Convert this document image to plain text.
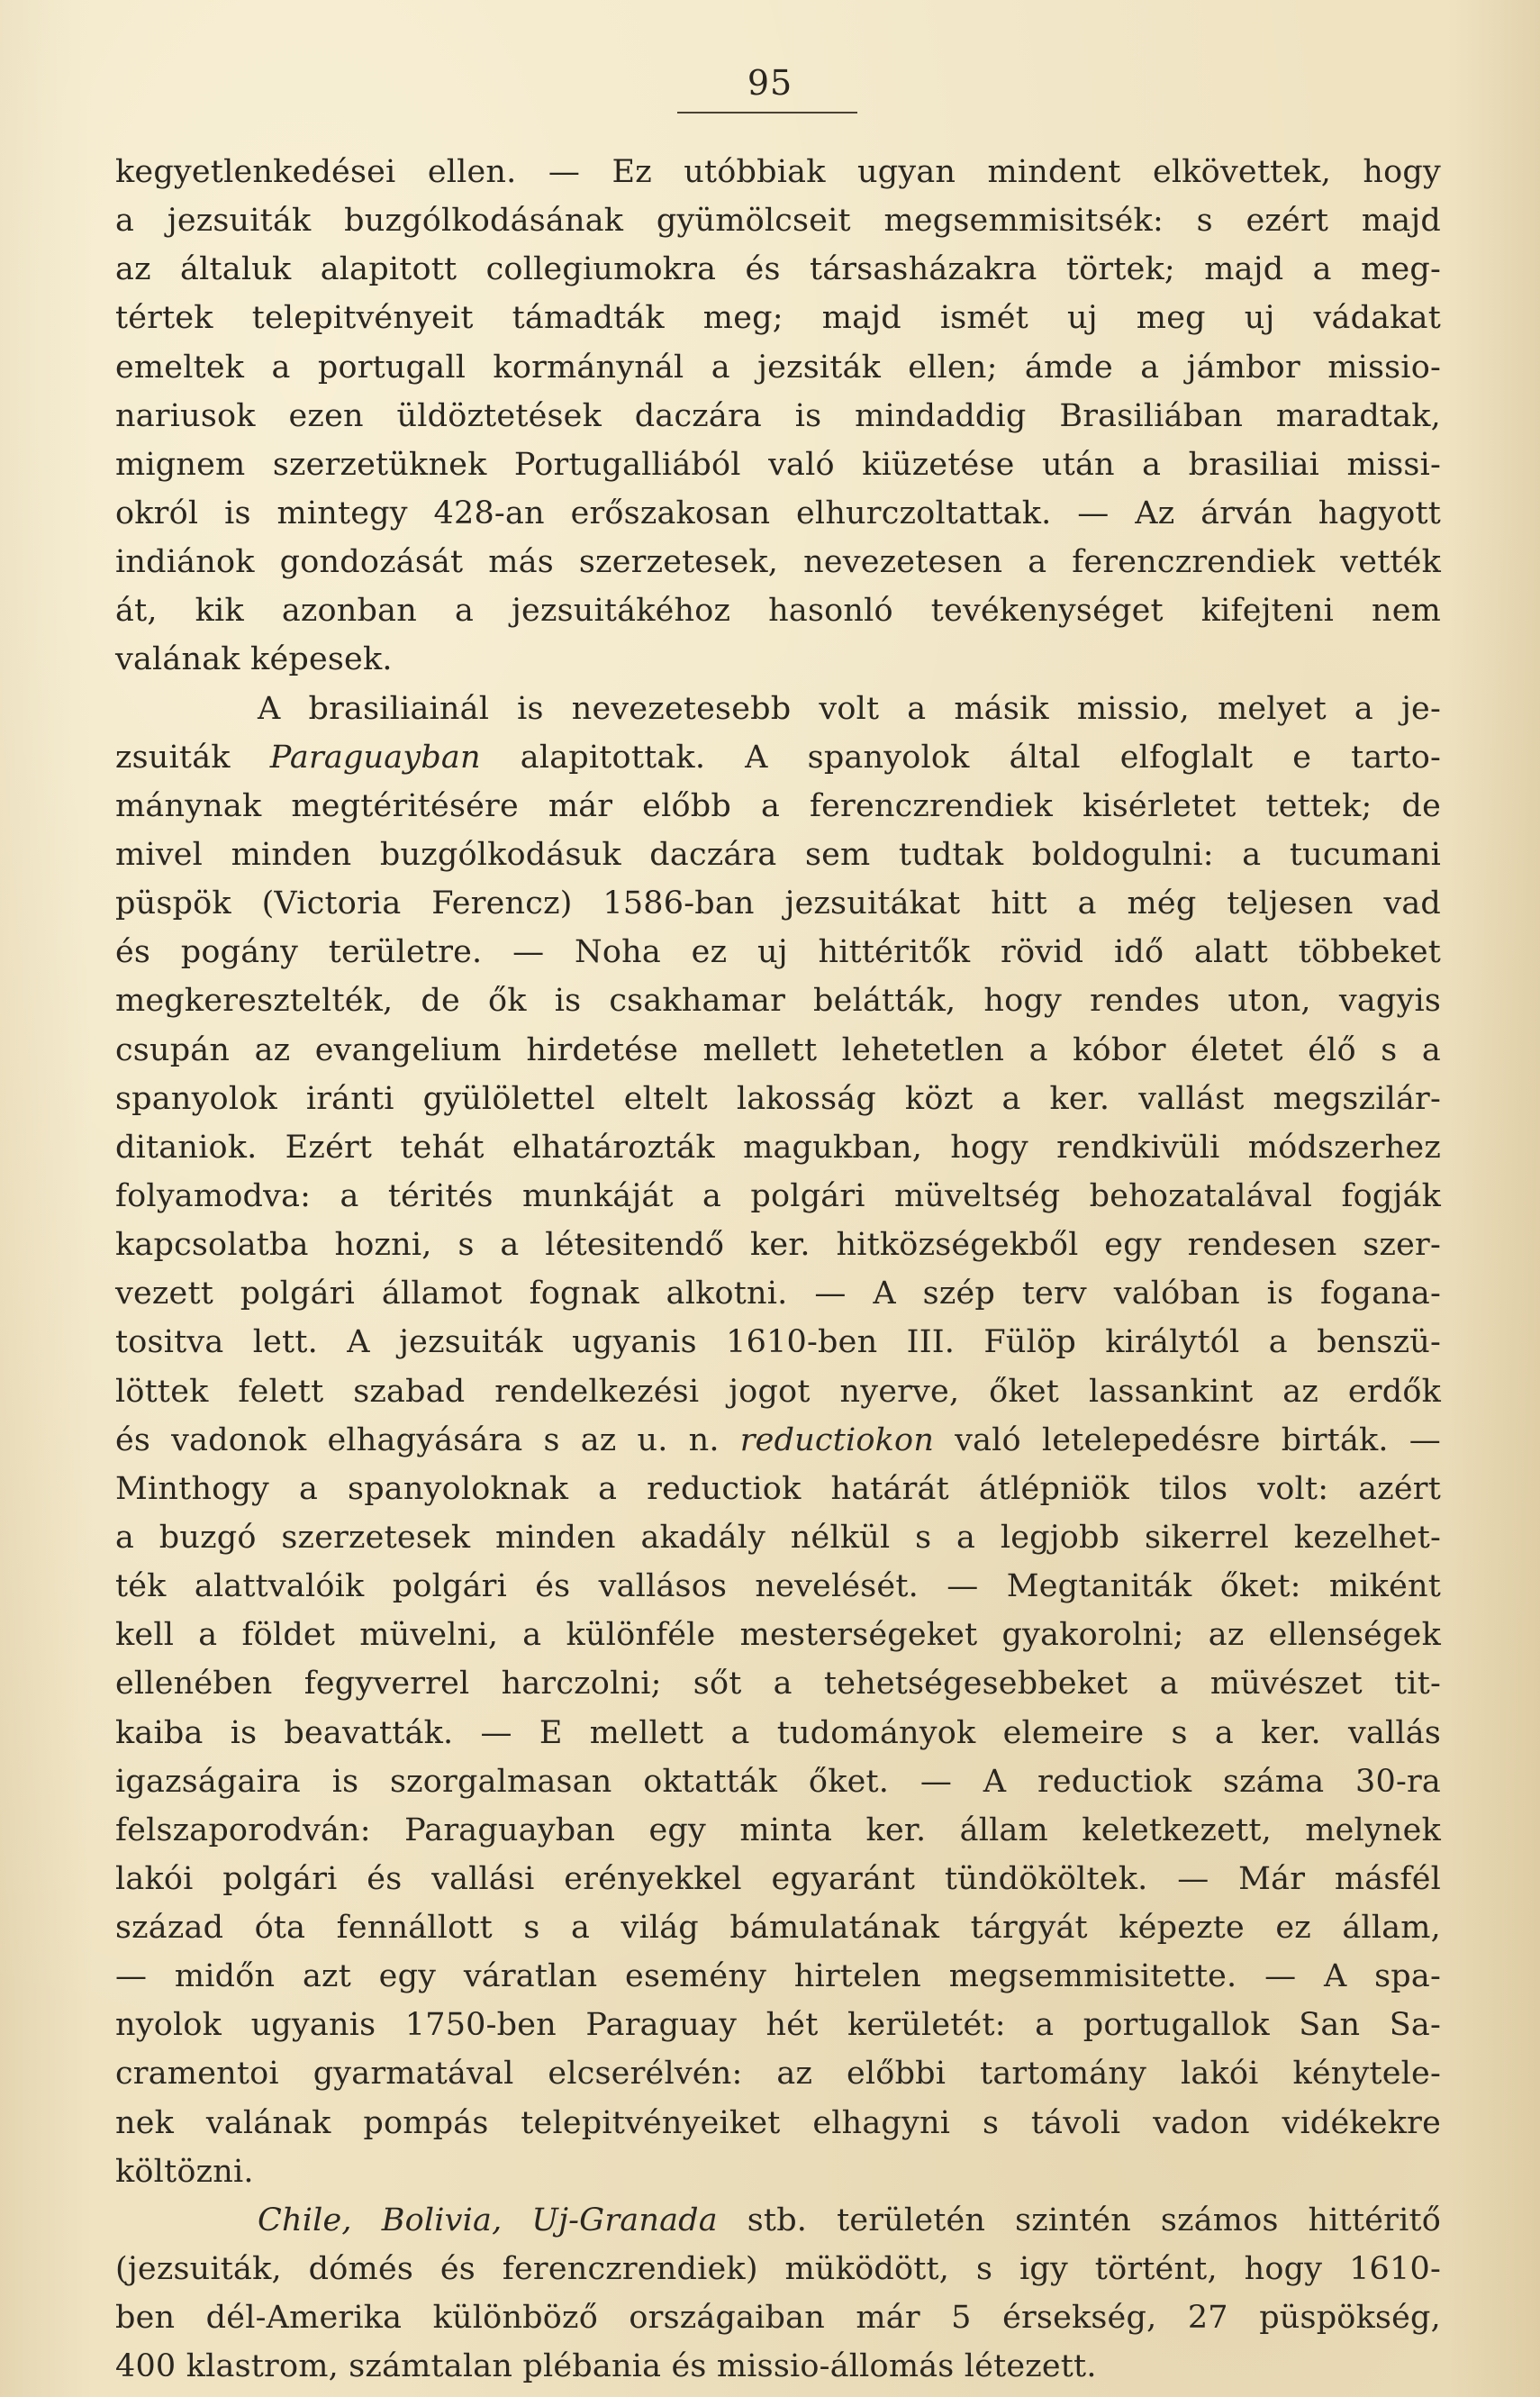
95
kegyetlenkedései ellen. — Ez utóbbiak ugyan mindent elkövettek, hogy
a jezsuiták buzgólkodásának gyümölcseit megsemmisitsék: s ezért majd
az általuk alapitott collegiumokra és társasházakra törtek; majd a meg-
tértek telepitvényeit támadták meg; majd ismét uj meg uj vádakat
emeltek a portugall kormánynál a jezsiták ellen; ámde a jámbor missio-
nariusok ezen üldöztetések daczára is mindaddig Brasiliában maradtak,
mignem szerzetüknek Portugalliából való kiüzetése után a brasiliai missi-
okról is mintegy 428-an erőszakosan elhurczoltattak. — Az árván hagyott
indiánok gondozását más szerzetesek, nevezetesen a ferenczrendiek vették
át, kik azonban a jezsuitákéhoz hasonló tevékenységet kifejteni nem
valának képesek.
A brasiliainál is nevezetesebb volt a másik missio, melyet a je-
zsuiták Paraguayban alapitottak. A spanyolok által elfoglalt e tarto-
mánynak megtéritésére már előbb a ferenczrendiek kisérletet tettek; de
mivel minden buzgólkodásuk daczára sem tudtak boldogulni: a tucumani
püspök (Victoria Ferencz) 1586-ban jezsuitákat hitt a még teljesen vad
és pogány területre. — Noha ez uj hittéritők rövid idő alatt többeket
megkeresztelték, de ők is csakhamar belátták, hogy rendes uton, vagyis
csupán az evangelium hirdetése mellett lehetetlen a kóbor életet élő s a
spanyolok iránti gyülölettel eltelt lakosság közt a ker. vallást megszilár-
ditaniok. Ezért tehát elhatározták magukban, hogy rendkivüli módszerhez
folyamodva: a térités munkáját a polgári müveltség behozatalával fogják
kapcsolatba hozni, s a létesitendő ker. hitközségekből egy rendesen szer-
vezett polgári államot fognak alkotni. — A szép terv valóban is fogana-
tositva lett. A jezsuiták ugyanis 1610-ben III. Fülöp királytól a benszü-
löttek felett szabad rendelkezési jogot nyerve, őket lassankint az erdők
és vadonok elhagyására s az u. n. reductiokon való letelepedésre birták. —
Minthogy a spanyoloknak a reductiok határát átlépniök tilos volt: azért
a buzgó szerzetesek minden akadály nélkül s a legjobb sikerrel kezelhet-
ték alattvalóik polgári és vallásos nevelését. — Megtaniták őket: miként
kell a földet müvelni, a különféle mesterségeket gyakorolni; az ellenségek
ellenében fegyverrel harczolni; sőt a tehetségesebbeket a müvészet tit-
kaiba is beavatták. — E mellett a tudományok elemeire s a ker. vallás
igazságaira is szorgalmasan oktatták őket. — A reductiok száma 30-ra
felszaporodván: Paraguayban egy minta ker. állam keletkezett, melynek
lakói polgári és vallási erényekkel egyaránt tündököltek. — Már másfél
század óta fennállott s a világ bámulatának tárgyát képezte ez állam,
— midőn azt egy váratlan esemény hirtelen megsemmisitette. — A spa-
nyolok ugyanis 1750-ben Paraguay hét kerületét: a portugallok San Sa-
cramentoi gyarmatával elcserélvén: az előbbi tartomány lakói kénytele-
nek valának pompás telepitvényeiket elhagyni s távoli vadon vidékekre
költözni.
Chile, Bolivia, Uj-Granada stb. területén szintén számos hittéritő
(jezsuiták, dómés és ferenczrendiek) müködött, s igy történt, hogy 1610-
ben dél-Amerika különböző országaiban már 5 érsekség, 27 püspökség,
400 klastrom, számtalan plébania és missio-állomás létezett.
